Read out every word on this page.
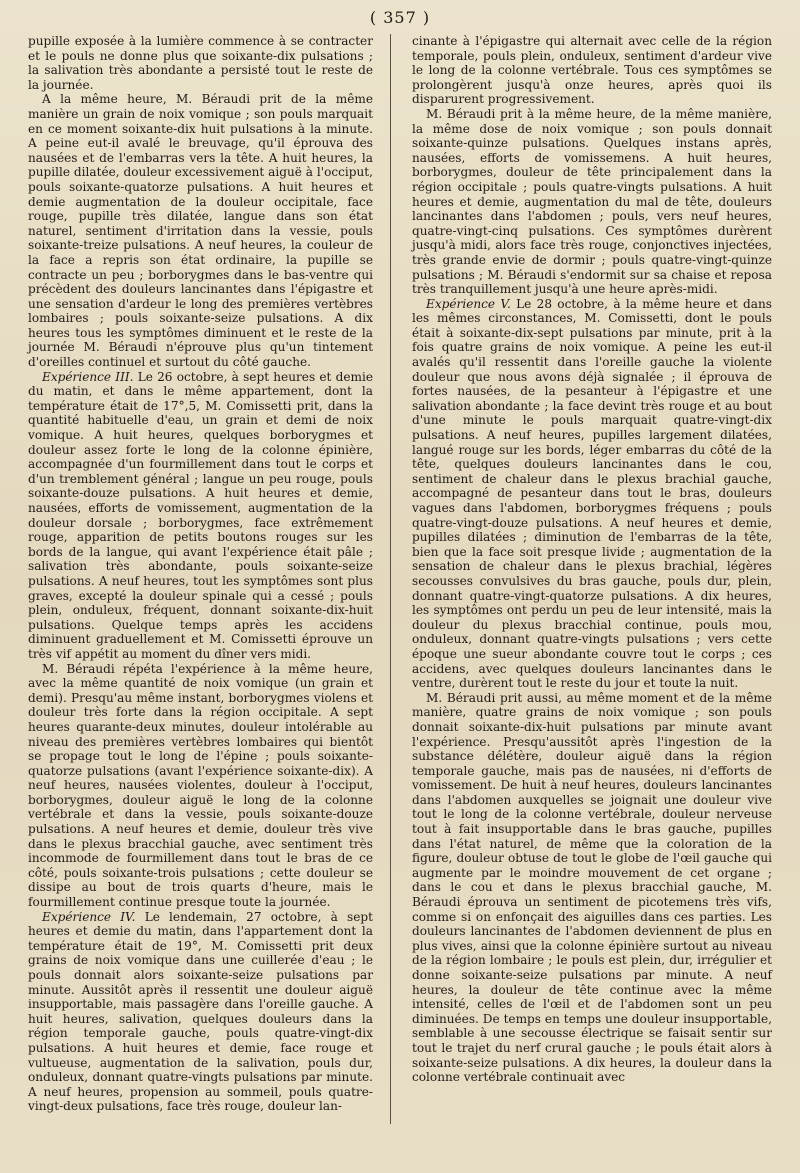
( 357 )

pupille exposée à la lumière commence à se contracter et le pouls ne donne plus que soixante-dix pulsations ; la salivation très abondante a persisté tout le reste de la journée.

A la même heure, M. Béraudi prit de la même manière un grain de noix vomique ; son pouls marquait en ce moment soixante-dix huit pulsations à la minute. A peine eut-il avalé le breuvage, qu'il éprouva des nausées et de l'embarras vers la tête. A huit heures, la pupille dilatée, douleur excessivement aiguë à l'occiput, pouls soixante-quatorze pulsations. A huit heures et demie augmentation de la douleur occipitale, face rouge, pupille très dilatée, langue dans son état naturel, sentiment d'irritation dans la vessie, pouls soixante-treize pulsations. A neuf heures, la couleur de la face a repris son état ordinaire, la pupille se contracte un peu ; borborygmes dans le bas-ventre qui précèdent des douleurs lancinantes dans l'épigastre et une sensation d'ardeur le long des premières vertèbres lombaires ; pouls soixante-seize pulsations. A dix heures tous les symptômes diminuent et le reste de la journée M. Béraudi n'éprouve plus qu'un tintement d'oreilles continuel et surtout du côté gauche.

Expérience III. Le 26 octobre, à sept heures et demie du matin, et dans le même appartement, dont la température était de 17°,5, M. Comissetti prit, dans la quantité habituelle d'eau, un grain et demi de noix vomique. A huit heures, quelques borborygmes et douleur assez forte le long de la colonne épinière, accompagnée d'un fourmillement dans tout le corps et d'un tremblement général ; langue un peu rouge, pouls soixante-douze pulsations. A huit heures et demie, nausées, efforts de vomissement, augmentation de la douleur dorsale ; borborygmes, face extrêmement rouge, apparition de petits boutons rouges sur les bords de la langue, qui avant l'expérience était pâle ; salivation très abondante, pouls soixante-seize pulsations. A neuf heures, tout les symptômes sont plus graves, excepté la douleur spinale qui a cessé ; pouls plein, onduleux, fréquent, donnant soixante-dix-huit pulsations. Quelque temps après les accidens diminuent graduellement et M. Comissetti éprouve un très vif appétit au moment du dîner vers midi.

M. Béraudi répéta l'expérience à la même heure, avec la même quantité de noix vomique (un grain et demi). Presqu'au même instant, borborygmes violens et douleur très forte dans la région occipitale. A sept heures quarante-deux minutes, douleur intolérable au niveau des premières vertèbres lombaires qui bientôt se propage tout le long de l'épine ; pouls soixante-quatorze pulsations (avant l'expérience soixante-dix). A neuf heures, nausées violentes, douleur à l'occiput, borborygmes, douleur aiguë le long de la colonne vertébrale et dans la vessie, pouls soixante-douze pulsations. A neuf heures et demie, douleur très vive dans le plexus bracchial gauche, avec sentiment très incommode de fourmillement dans tout le bras de ce côté, pouls soixante-trois pulsations ; cette douleur se dissipe au bout de trois quarts d'heure, mais le fourmillement continue presque toute la journée.

Expérience IV. Le lendemain, 27 octobre, à sept heures et demie du matin, dans l'appartement dont la température était de 19°, M. Comissetti prit deux grains de noix vomique dans une cuillerée d'eau ; le pouls donnait alors soixante-seize pulsations par minute. Aussitôt après il ressentit une douleur aiguë insupportable, mais passagère dans l'oreille gauche. A huit heures, salivation, quelques douleurs dans la région temporale gauche, pouls quatre-vingt-dix pulsations. A huit heures et demie, face rouge et vultueuse, augmentation de la salivation, pouls dur, onduleux, donnant quatre-vingts pulsations par minute. A neuf heures, propension au sommeil, pouls quatre-vingt-deux pulsations, face très rouge, douleur lan-

cinante à l'épigastre qui alternait avec celle de la région temporale, pouls plein, onduleux, sentiment d'ardeur vive le long de la colonne vertébrale. Tous ces symptômes se prolongèrent jusqu'à onze heures, après quoi ils disparurent progressivement.

M. Béraudi prit à la même heure, de la même manière, la même dose de noix vomique ; son pouls donnait soixante-quinze pulsations. Quelques instans après, nausées, efforts de vomissemens. A huit heures, borborygmes, douleur de tête principalement dans la région occipitale ; pouls quatre-vingts pulsations. A huit heures et demie, augmentation du mal de tête, douleurs lancinantes dans l'abdomen ; pouls, vers neuf heures, quatre-vingt-cinq pulsations. Ces symptômes durèrent jusqu'à midi, alors face très rouge, conjonctives injectées, très grande envie de dormir ; pouls quatre-vingt-quinze pulsations ; M. Béraudi s'endormit sur sa chaise et reposa très tranquillement jusqu'à une heure après-midi.

Expérience V. Le 28 octobre, à la même heure et dans les mêmes circonstances, M. Comissetti, dont le pouls était à soixante-dix-sept pulsations par minute, prit à la fois quatre grains de noix vomique. A peine les eut-il avalés qu'il ressentit dans l'oreille gauche la violente douleur que nous avons déjà signalée ; il éprouva de fortes nausées, de la pesanteur à l'épigastre et une salivation abondante ; la face devint très rouge et au bout d'une minute le pouls marquait quatre-vingt-dix pulsations. A neuf heures, pupilles largement dilatées, langué rouge sur les bords, léger embarras du côté de la tête, quelques douleurs lancinantes dans le cou, sentiment de chaleur dans le plexus brachial gauche, accompagné de pesanteur dans tout le bras, douleurs vagues dans l'abdomen, borborygmes fréquens ; pouls quatre-vingt-douze pulsations. A neuf heures et demie, pupilles dilatées ; diminution de l'embarras de la tête, bien que la face soit presque livide ; augmentation de la sensation de chaleur dans le plexus brachial, légères secousses convulsives du bras gauche, pouls dur, plein, donnant quatre-vingt-quatorze pulsations. A dix heures, les symptômes ont perdu un peu de leur intensité, mais la douleur du plexus bracchial continue, pouls mou, onduleux, donnant quatre-vingts pulsations ; vers cette époque une sueur abondante couvre tout le corps ; ces accidens, avec quelques douleurs lancinantes dans le ventre, durèrent tout le reste du jour et toute la nuit.

M. Béraudi prit aussi, au même moment et de la même manière, quatre grains de noix vomique ; son pouls donnait soixante-dix-huit pulsations par minute avant l'expérience. Presqu'aussitôt après l'ingestion de la substance délétère, douleur aiguë dans la région temporale gauche, mais pas de nausées, ni d'efforts de vomissement. De huit à neuf heures, douleurs lancinantes dans l'abdomen auxquelles se joignait une douleur vive tout le long de la colonne vertébrale, douleur nerveuse tout à fait insupportable dans le bras gauche, pupilles dans l'état naturel, de même que la coloration de la figure, douleur obtuse de tout le globe de l'œil gauche qui augmente par le moindre mouvement de cet organe ; dans le cou et dans le plexus bracchial gauche, M. Béraudi éprouva un sentiment de picotemens très vifs, comme si on enfonçait des aiguilles dans ces parties. Les douleurs lancinantes de l'abdomen deviennent de plus en plus vives, ainsi que la colonne épinière surtout au niveau de la région lombaire ; le pouls est plein, dur, irrégulier et donne soixante-seize pulsations par minute. A neuf heures, la douleur de tête continue avec la même intensité, celles de l'œil et de l'abdomen sont un peu diminuées. De temps en temps une douleur insupportable, semblable à une secousse électrique se faisait sentir sur tout le trajet du nerf crural gauche ; le pouls était alors à soixante-seize pulsations. A dix heures, la douleur dans la colonne vertébrale continuait avec
